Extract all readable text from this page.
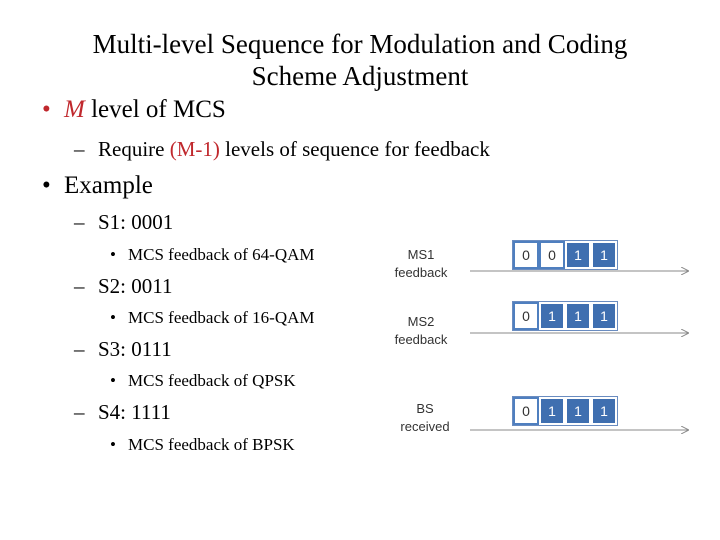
Multi-level Sequence for Modulation and Coding
Scheme Adjustment
• M level of MCS
– Require (M-1) levels of sequence for feedback
• Example
– S1: 0001
• MCS feedback of 64-QAM
– S2: 0011
• MCS feedback of 16-QAM
– S3: 0111
• MCS feedback of QPSK
– S4: 1111
• MCS feedback of BPSK
MS1
feedback
MS2
feedback
BS
received
0	0	1	1
0	1	1	1
0	1	1	1
